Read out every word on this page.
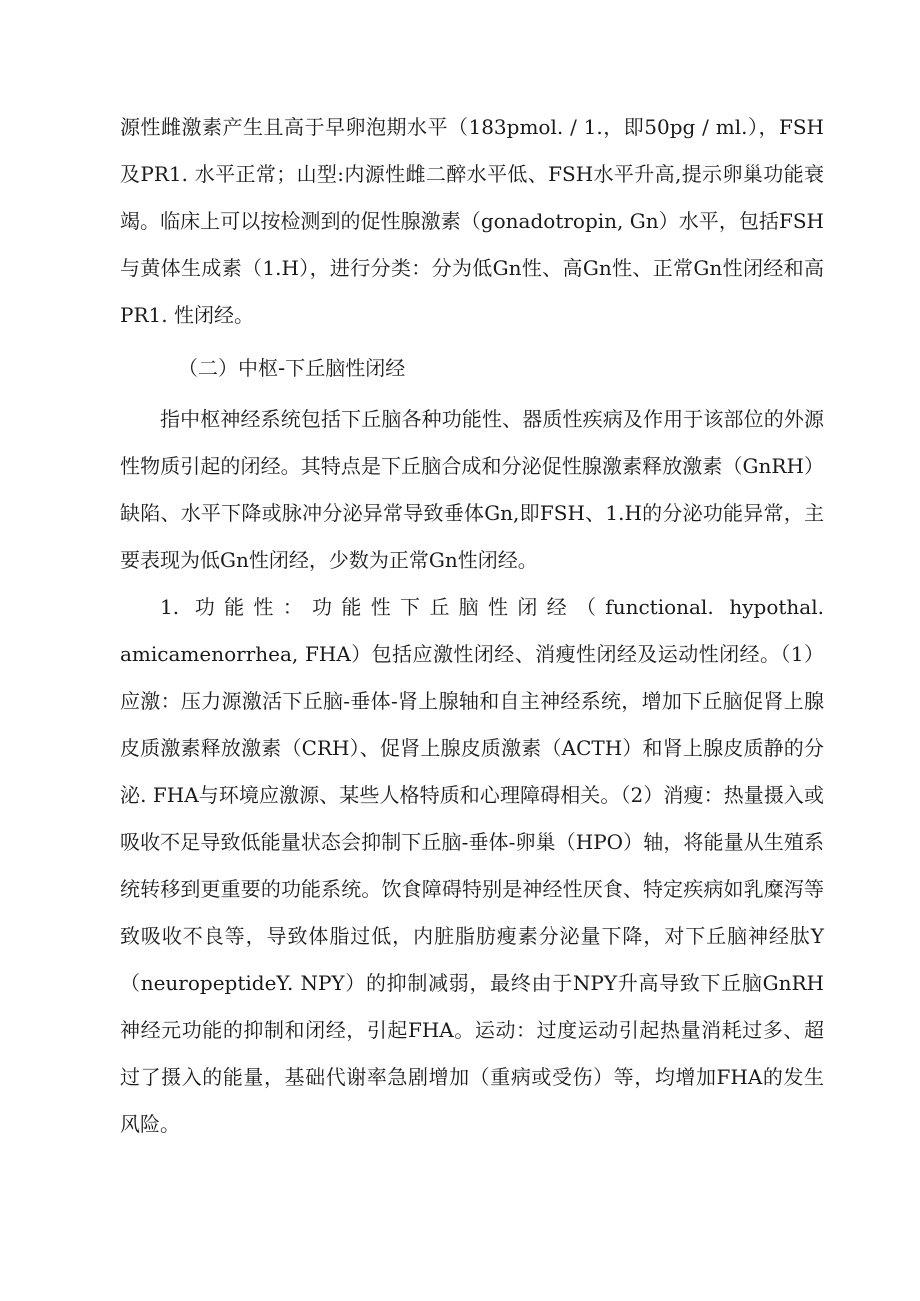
源性雌激素产生且高于早卵泡期水平（183pmol. / 1.，即50pg / ml.），FSH及PR1. 水平正常；山型:内源性雌二醉水平低、FSH水平升高,提示卵巢功能衰竭。临床上可以按检测到的促性腺激素（gonadotropin, Gn）水平，包括FSH与黄体生成素（1.H），进行分类：分为低Gn性、高Gn性、正常Gn性闭经和高PR1. 性闭经。

（二）中枢-下丘脑性闭经

指中枢神经系统包括下丘脑各种功能性、器质性疾病及作用于该部位的外源性物质引起的闭经。其特点是下丘脑合成和分泌促性腺激素释放激素（GnRH）缺陷、水平下降或脉冲分泌异常导致垂体Gn,即FSH、1.H的分泌功能异常，主要表现为低Gn性闭经，少数为正常Gn性闭经。

1. 功能性：功能性下丘脑性闭经（functional. hypothal. amicamenorrhea, FHA）包括应激性闭经、消瘦性闭经及运动性闭经。（1）应激：压力源激活下丘脑-垂体-肾上腺轴和自主神经系统，增加下丘脑促肾上腺皮质激素释放激素（CRH）、促肾上腺皮质激素（ACTH）和肾上腺皮质静的分泌. FHA与环境应激源、某些人格特质和心理障碍相关。（2）消瘦：热量摄入或吸收不足导致低能量状态会抑制下丘脑-垂体-卵巢（HPO）轴，将能量从生殖系统转移到更重要的功能系统。饮食障碍特别是神经性厌食、特定疾病如乳糜泻等致吸收不良等，导致体脂过低，内脏脂肪瘦素分泌量下降，对下丘脑神经肽Y（neuropeptideY. NPY）的抑制减弱，最终由于NPY升高导致下丘脑GnRH神经元功能的抑制和闭经，引起FHA。运动：过度运动引起热量消耗过多、超过了摄入的能量，基础代谢率急剧增加（重病或受伤）等，均增加FHA的发生风险。
